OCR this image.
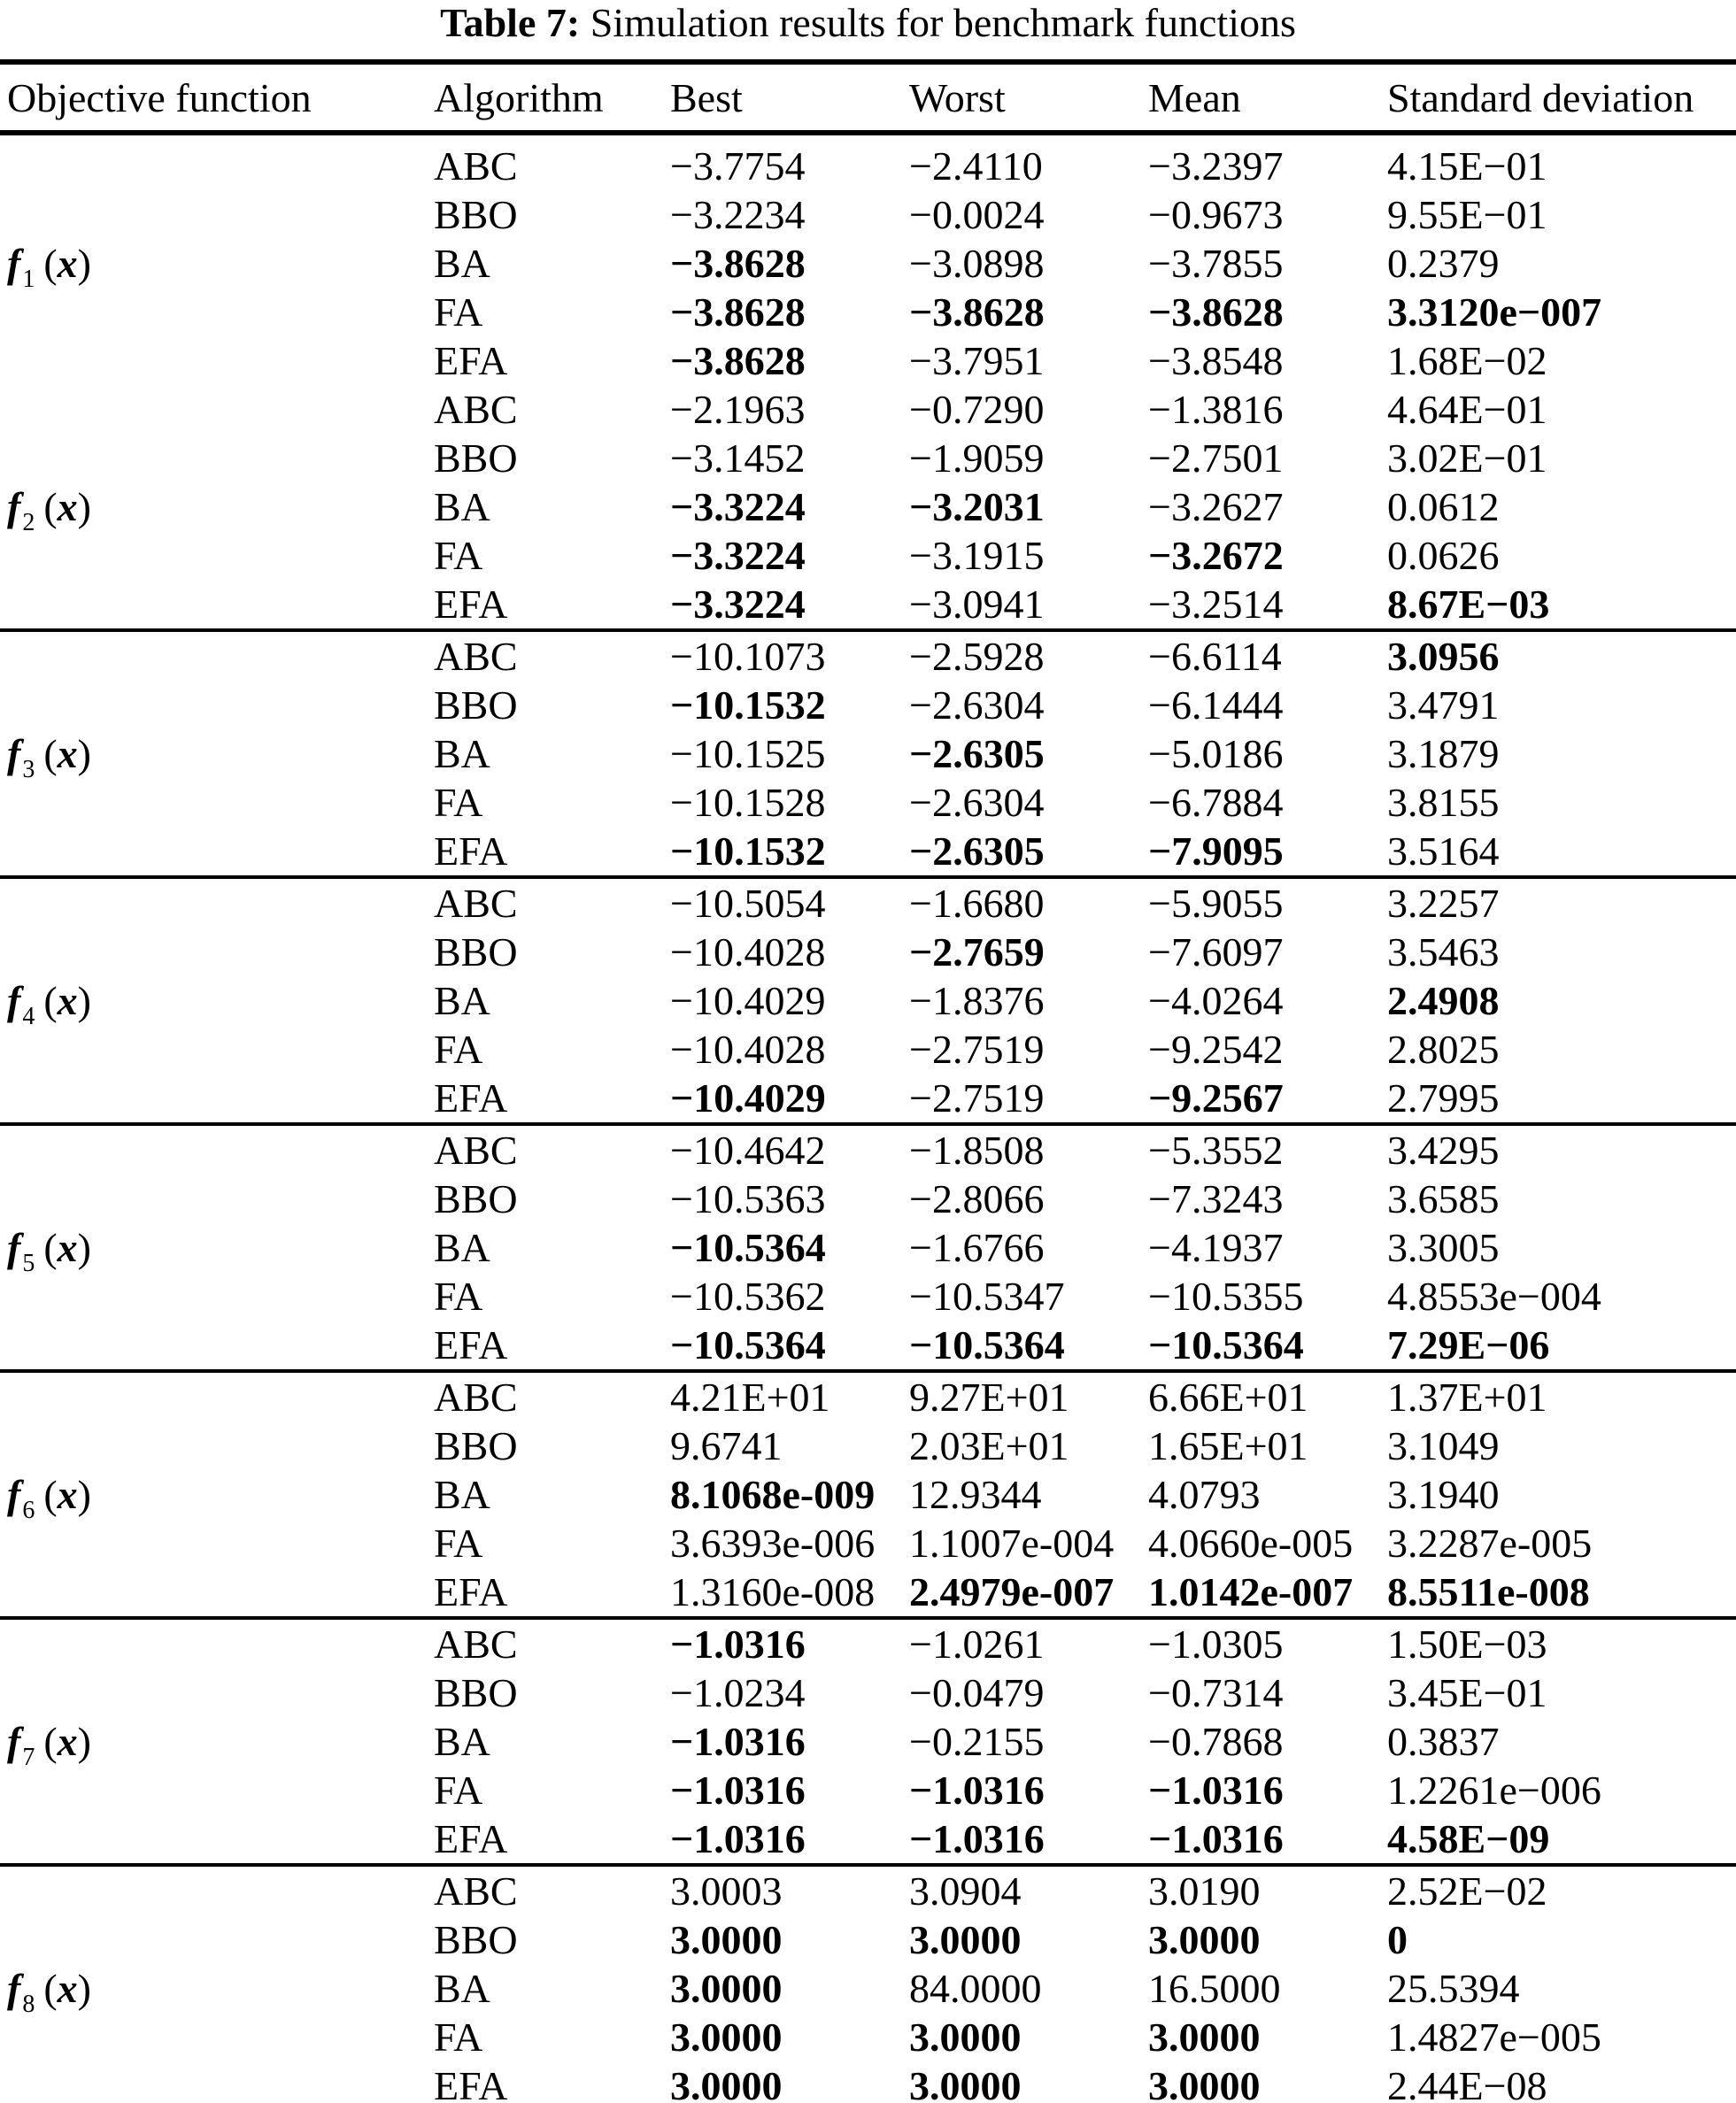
Table 7: Simulation results for benchmark functions
Objective function	Algorithm	Best	Worst	Mean	Standard deviation
ABC	−3.7754	−2.4110	−3.2397	4.15E−01
BBO	−3.2234	−0.0024	−0.9673	9.55E−01
$f_1$ (x)	BA	−3.8628	−3.0898	−3.7855	0.2379
FA	−3.8628	−3.8628	−3.8628	3.3120e−007
EFA	−3.8628	−3.7951	−3.8548	1.68E−02
ABC	−2.1963	−0.7290	−1.3816	4.64E−01
BBO	−3.1452	−1.9059	−2.7501	3.02E−01
$f_2$ (x)	BA	−3.3224	−3.2031	−3.2627	0.0612
FA	−3.3224	−3.1915	−3.2672	0.0626
EFA	−3.3224	−3.0941	−3.2514	8.67E−03
ABC	−10.1073	−2.5928	−6.6114	3.0956
BBO	−10.1532	−2.6304	−6.1444	3.4791
$f_3$ (x)	BA	−10.1525	−2.6305	−5.0186	3.1879
FA	−10.1528	−2.6304	−6.7884	3.8155
EFA	−10.1532	−2.6305	−7.9095	3.5164
ABC	−10.5054	−1.6680	−5.9055	3.2257
BBO	−10.4028	−2.7659	−7.6097	3.5463
$f_4$ (x)	BA	−10.4029	−1.8376	−4.0264	2.4908
FA	−10.4028	−2.7519	−9.2542	2.8025
EFA	−10.4029	−2.7519	−9.2567	2.7995
ABC	−10.4642	−1.8508	−5.3552	3.4295
BBO	−10.5363	−2.8066	−7.3243	3.6585
$f_5$ (x)	BA	−10.5364	−1.6766	−4.1937	3.3005
FA	−10.5362	−10.5347	−10.5355	4.8553e−004
EFA	−10.5364	−10.5364	−10.5364	7.29E−06
ABC	4.21E+01	9.27E+01	6.66E+01	1.37E+01
BBO	9.6741	2.03E+01	1.65E+01	3.1049
$f_6$ (x)	BA	8.1068e-009 12.9344	4.0793	3.1940
FA	3.6393e-006 1.1007e-004 4.0660e-005 3.2287e-005
EFA	1.3160e-008 2.4979e-007 1.0142e-007 8.5511e-008
ABC	−1.0316	−1.0261	−1.0305	1.50E−03
BBO	−1.0234	−0.0479	−0.7314	3.45E−01
$f_7$ (x)	BA	−1.0316	−0.2155	−0.7868	0.3837
FA	−1.0316	−1.0316	−1.0316	1.2261e−006
EFA	−1.0316	−1.0316	−1.0316	4.58E−09
ABC	3.0003	3.0904	3.0190	2.52E−02
BBO	3.0000	3.0000	3.0000	0
$f_8$ (x)	BA	3.0000	84.0000	16.5000	25.5394
FA	3.0000	3.0000	3.0000	1.4827e−005
EFA	3.0000	3.0000	3.0000	2.44E−08
